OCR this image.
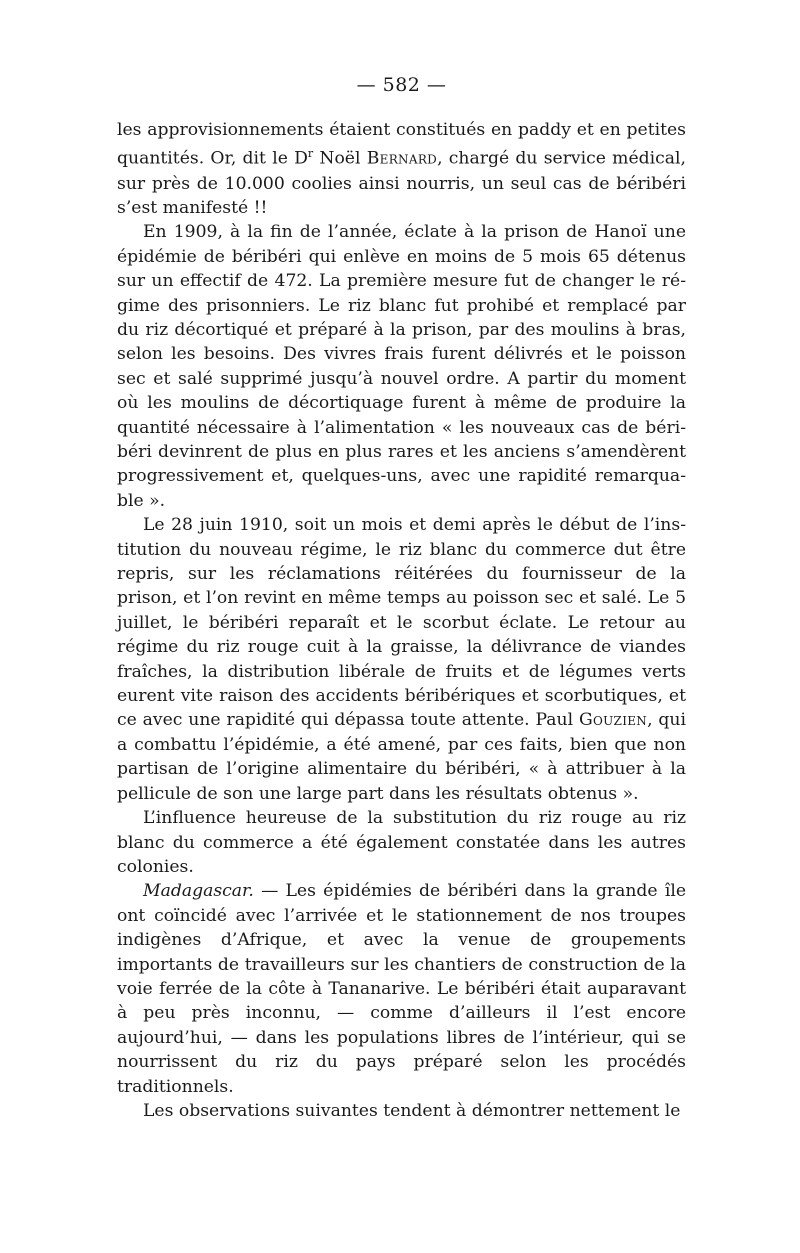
— 582 —

les approvisionnements étaient constitués en paddy et en petites quantités. Or, dit le $D^r$ Noël Bernard, chargé du service médical, sur près de 10.000 coolies ainsi nourris, un seul cas de béribéri s’est manifesté !!

En 1909, à la fin de l’année, éclate à la prison de Hanoï une épidémie de béribéri qui enlève en moins de 5 mois 65 détenus sur un effectif de 472. La première mesure fut de changer le régime des prisonniers. Le riz blanc fut prohibé et remplacé par du riz décortiqué et préparé à la prison, par des moulins à bras, selon les besoins. Des vivres frais furent délivrés et le poisson sec et salé supprimé jusqu’à nouvel ordre. A partir du moment où les moulins de décortiquage furent à même de produire la quantité nécessaire à l’alimentation « les nouveaux cas de béribéri devinrent de plus en plus rares et les anciens s’amendèrent progressivement et, quelques-uns, avec une rapidité remarquable ».

Le 28 juin 1910, soit un mois et demi après le début de l’institution du nouveau régime, le riz blanc du commerce dut être repris, sur les réclamations réitérées du fournisseur de la prison, et l’on revint en même temps au poisson sec et salé. Le 5 juillet, le béribéri reparaît et le scorbut éclate. Le retour au régime du riz rouge cuit à la graisse, la délivrance de viandes fraîches, la distribution libérale de fruits et de légumes verts eurent vite raison des accidents béribériques et scorbutiques, et ce avec une rapidité qui dépassa toute attente. Paul Gouzien, qui a combattu l’épidémie, a été amené, par ces faits, bien que non partisan de l’origine alimentaire du béribéri, « à attribuer à la pellicule de son une large part dans les résultats obtenus ».

L’influence heureuse de la substitution du riz rouge au riz blanc du commerce a été également constatée dans les autres colonies.

Madagascar. — Les épidémies de béribéri dans la grande île ont coïncidé avec l’arrivée et le stationnement de nos troupes indigènes d’Afrique, et avec la venue de groupements importants de travailleurs sur les chantiers de construction de la voie ferrée de la côte à Tananarive. Le béribéri était auparavant à peu près inconnu, — comme d’ailleurs il l’est encore aujourd’hui, — dans les populations libres de l’intérieur, qui se nourrissent du riz du pays préparé selon les procédés traditionnels.

Les observations suivantes tendent à démontrer nettement le
